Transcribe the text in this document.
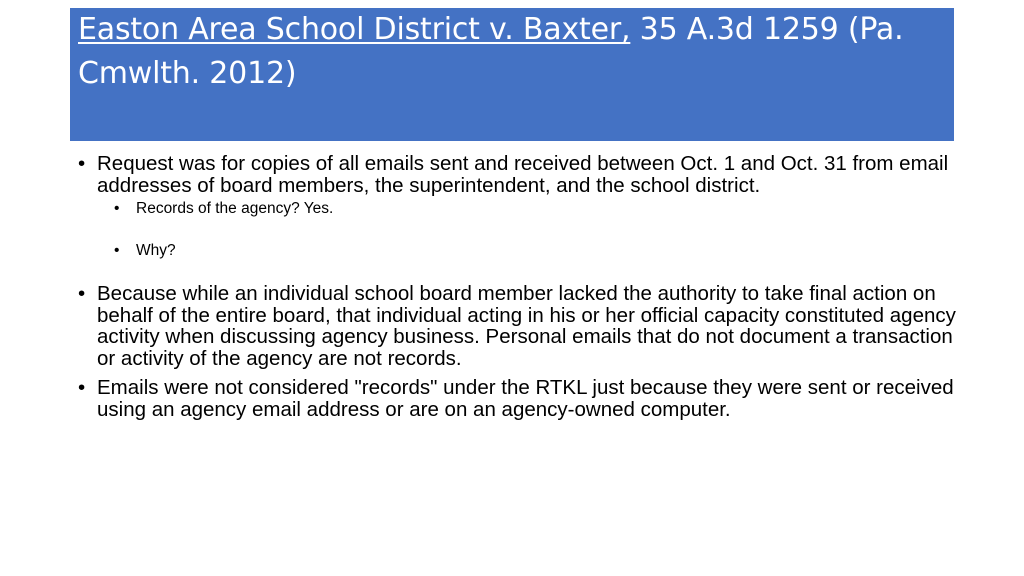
Easton Area School District v. Baxter, 35 A.3d 1259 (Pa. Cmwlth. 2012)
• Request was for copies of all emails sent and received between Oct. 1 and Oct. 31 from email addresses of board members, the superintendent, and the school district.
• Records of the agency? Yes.
• Why?
• Because while an individual school board member lacked the authority to take final action on behalf of the entire board, that individual acting in his or her official capacity constituted agency activity when discussing agency business. Personal emails that do not document a transaction or activity of the agency are not records.
• Emails were not considered "records" under the RTKL just because they were sent or received using an agency email address or are on an agency-owned computer.
